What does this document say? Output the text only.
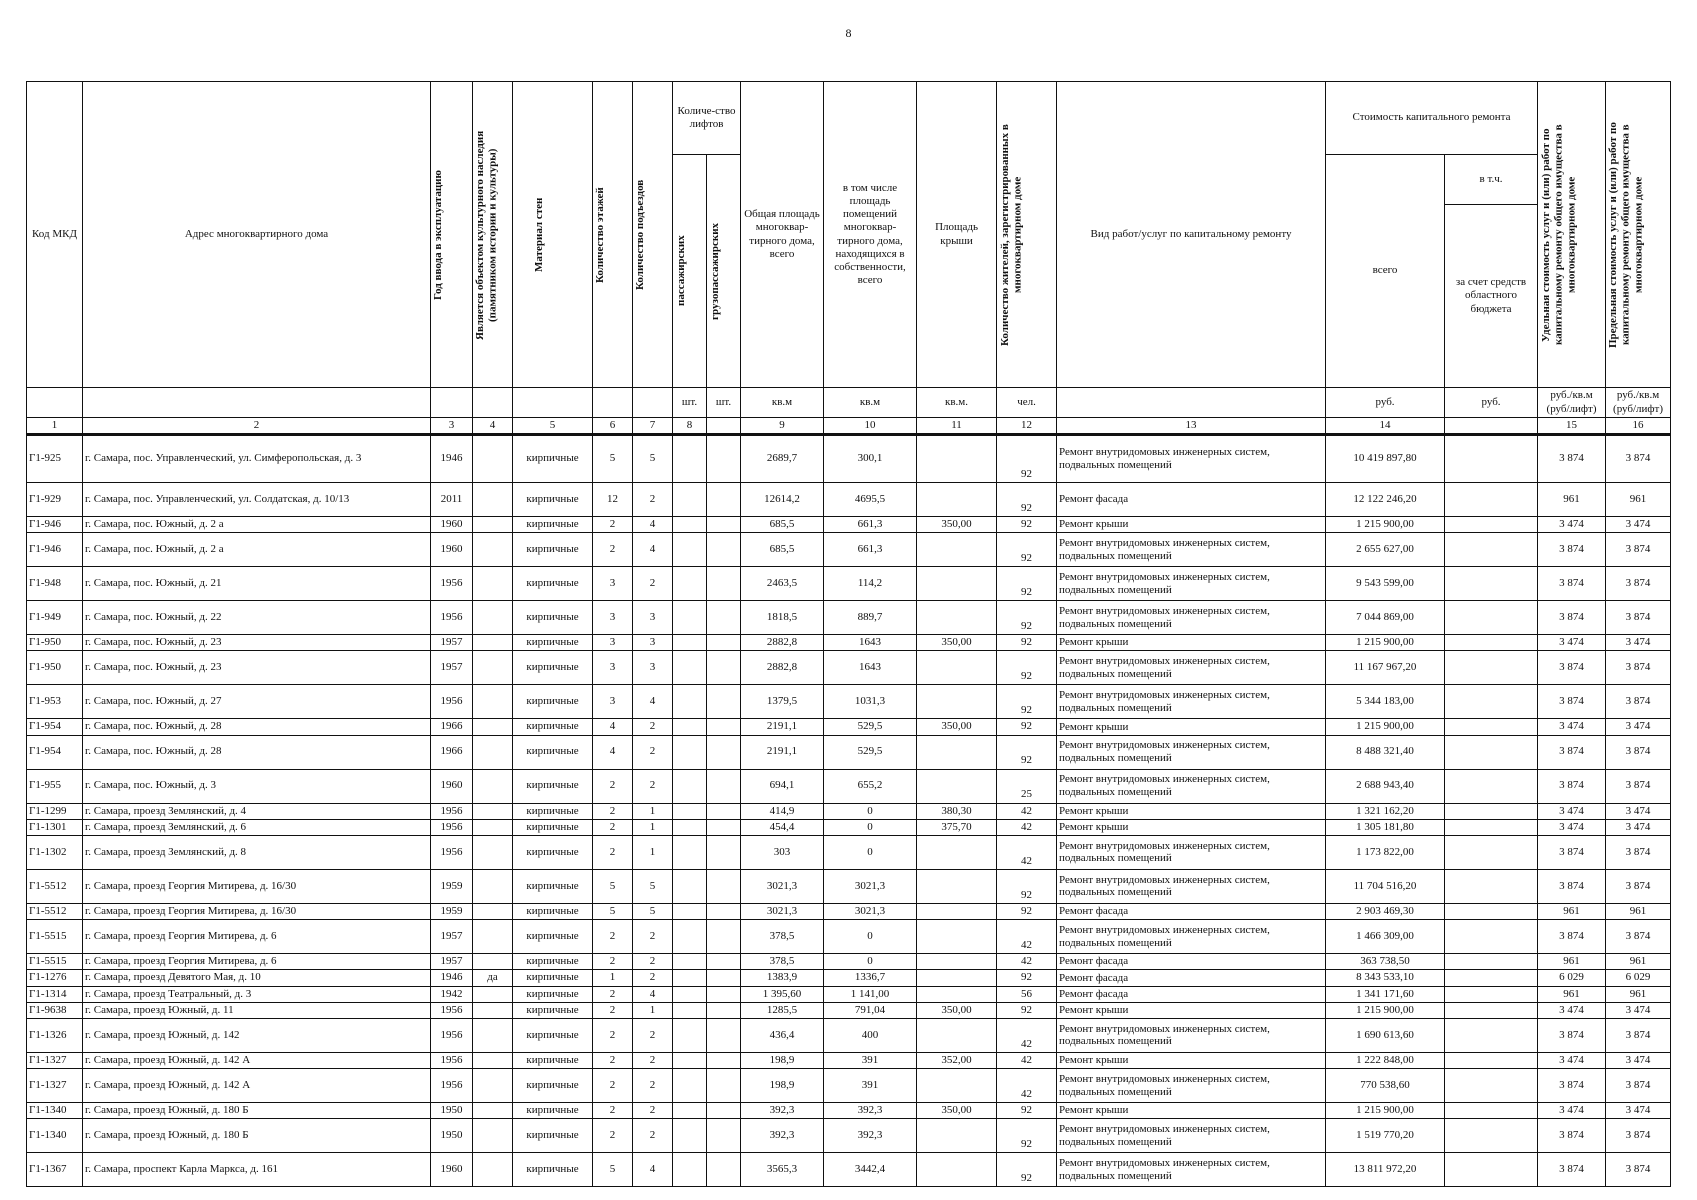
8
Код МКД	Адрес многоквартирного дома	Год ввода в эксплуатацию	Является объектом культурного наследия (памятником истории и культуры)	Материал стен	Количество этажей	Количество подъездов	Количе-ство лифтов		Общая площадь многоквар-тирного дома, всего	в том числе площадь помещений многоквар-тирного дома, находящихся в собственности, всего	Площадь крыши	Количество жителей, зарегистрированных в многоквартирном доме	Вид работ/услуг по капитальному ремонту	Стоимость капитального ремонта		Удельная стоимость услуг и (или) работ по капитальному ремонту общего имущества в многоквартирном доме	Предельная стоимость услуг и (или) работ по капитальному ремонту общего имущества в многоквартирном доме

							пассажирских	грузопассажирских						всего	в т.ч.		
															за счет средств областного бюджета		
							шт.	шт.	кв.м	кв.м	кв.м.	чел.		руб.	руб.	руб./кв.м (руб/лифт)	руб./кв.м (руб/лифт)
1	2	3	4	5	6	7	8		9	10	11	12	13	14		15	16
Г1-925	г. Самара, пос. Управленческий, ул. Симферопольская, д. 3	1946		кирпичные	5	5			2689,7	300,1		92	Ремонт внутридомовых инженерных систем, подвальных помещений	10 419 897,80		3 874	3 874
Г1-929	г. Самара, пос. Управленческий, ул. Солдатская, д. 10/13	2011		кирпичные	12	2			12614,2	4695,5		92	Ремонт фасада	12 122 246,20		961	961
Г1-946	г. Самара, пос. Южный, д. 2 а	1960		кирпичные	2	4			685,5	661,3	350,00	92	Ремонт крыши	1 215 900,00		3 474	3 474
Г1-946	г. Самара, пос. Южный, д. 2 а	1960		кирпичные	2	4			685,5	661,3		92	Ремонт внутридомовых инженерных систем, подвальных помещений	2 655 627,00		3 874	3 874
Г1-948	г. Самара, пос. Южный, д. 21	1956		кирпичные	3	2			2463,5	114,2		92	Ремонт внутридомовых инженерных систем, подвальных помещений	9 543 599,00		3 874	3 874
Г1-949	г. Самара, пос. Южный, д. 22	1956		кирпичные	3	3			1818,5	889,7		92	Ремонт внутридомовых инженерных систем, подвальных помещений	7 044 869,00		3 874	3 874
Г1-950	г. Самара, пос. Южный, д. 23	1957		кирпичные	3	3			2882,8	1643	350,00	92	Ремонт крыши	1 215 900,00		3 474	3 474
Г1-950	г. Самара, пос. Южный, д. 23	1957		кирпичные	3	3			2882,8	1643		92	Ремонт внутридомовых инженерных систем, подвальных помещений	11 167 967,20		3 874	3 874
Г1-953	г. Самара, пос. Южный, д. 27	1956		кирпичные	3	4			1379,5	1031,3		92	Ремонт внутридомовых инженерных систем, подвальных помещений	5 344 183,00		3 874	3 874
Г1-954	г. Самара, пос. Южный, д. 28	1966		кирпичные	4	2			2191,1	529,5	350,00	92	Ремонт крыши	1 215 900,00		3 474	3 474
Г1-954	г. Самара, пос. Южный, д. 28	1966		кирпичные	4	2			2191,1	529,5		92	Ремонт внутридомовых инженерных систем, подвальных помещений	8 488 321,40		3 874	3 874
Г1-955	г. Самара, пос. Южный, д. 3	1960		кирпичные	2	2			694,1	655,2		25	Ремонт внутридомовых инженерных систем, подвальных помещений	2 688 943,40		3 874	3 874
Г1-1299	г. Самара, проезд Землянский, д. 4	1956		кирпичные	2	1			414,9	0	380,30	42	Ремонт крыши	1 321 162,20		3 474	3 474
Г1-1301	г. Самара, проезд Землянский, д. 6	1956		кирпичные	2	1			454,4	0	375,70	42	Ремонт крыши	1 305 181,80		3 474	3 474
Г1-1302	г. Самара, проезд Землянский, д. 8	1956		кирпичные	2	1			303	0		42	Ремонт внутридомовых инженерных систем, подвальных помещений	1 173 822,00		3 874	3 874
Г1-5512	г. Самара, проезд Георгия Митирева, д. 16/30	1959		кирпичные	5	5			3021,3	3021,3		92	Ремонт внутридомовых инженерных систем, подвальных помещений	11 704 516,20		3 874	3 874
Г1-5512	г. Самара, проезд Георгия Митирева, д. 16/30	1959		кирпичные	5	5			3021,3	3021,3		92	Ремонт фасада	2 903 469,30		961	961
Г1-5515	г. Самара, проезд Георгия Митирева, д. 6	1957		кирпичные	2	2			378,5	0		42	Ремонт внутридомовых инженерных систем, подвальных помещений	1 466 309,00		3 874	3 874
Г1-5515	г. Самара, проезд Георгия Митирева, д. 6	1957		кирпичные	2	2			378,5	0		42	Ремонт фасада	363 738,50		961	961
Г1-1276	г. Самара, проезд Девятого Мая, д. 10	1946	да	кирпичные	1	2			1383,9	1336,7		92	Ремонт фасада	8 343 533,10		6 029	6 029
Г1-1314	г. Самара, проезд Театральный, д. 3	1942		кирпичные	2	4			1 395,60	1 141,00		56	Ремонт фасада	1 341 171,60		961	961
Г1-9638	г. Самара, проезд Южный, д. 11	1956		кирпичные	2	1			1285,5	791,04	350,00	92	Ремонт крыши	1 215 900,00		3 474	3 474
Г1-1326	г. Самара, проезд Южный, д. 142	1956		кирпичные	2	2			436,4	400		42	Ремонт внутридомовых инженерных систем, подвальных помещений	1 690 613,60		3 874	3 874
Г1-1327	г. Самара, проезд Южный, д. 142 А	1956		кирпичные	2	2			198,9	391	352,00	42	Ремонт крыши	1 222 848,00		3 474	3 474
Г1-1327	г. Самара, проезд Южный, д. 142 А	1956		кирпичные	2	2			198,9	391		42	Ремонт внутридомовых инженерных систем, подвальных помещений	770 538,60		3 874	3 874
Г1-1340	г. Самара, проезд Южный, д. 180 Б	1950		кирпичные	2	2			392,3	392,3	350,00	92	Ремонт крыши	1 215 900,00		3 474	3 474
Г1-1340	г. Самара, проезд Южный, д. 180 Б	1950		кирпичные	2	2			392,3	392,3		92	Ремонт внутридомовых инженерных систем, подвальных помещений	1 519 770,20		3 874	3 874
Г1-1367	г. Самара, проспект Карла Маркса, д. 161	1960		кирпичные	5	4			3565,3	3442,4		92	Ремонт внутридомовых инженерных систем, подвальных помещений	13 811 972,20		3 874	3 874
